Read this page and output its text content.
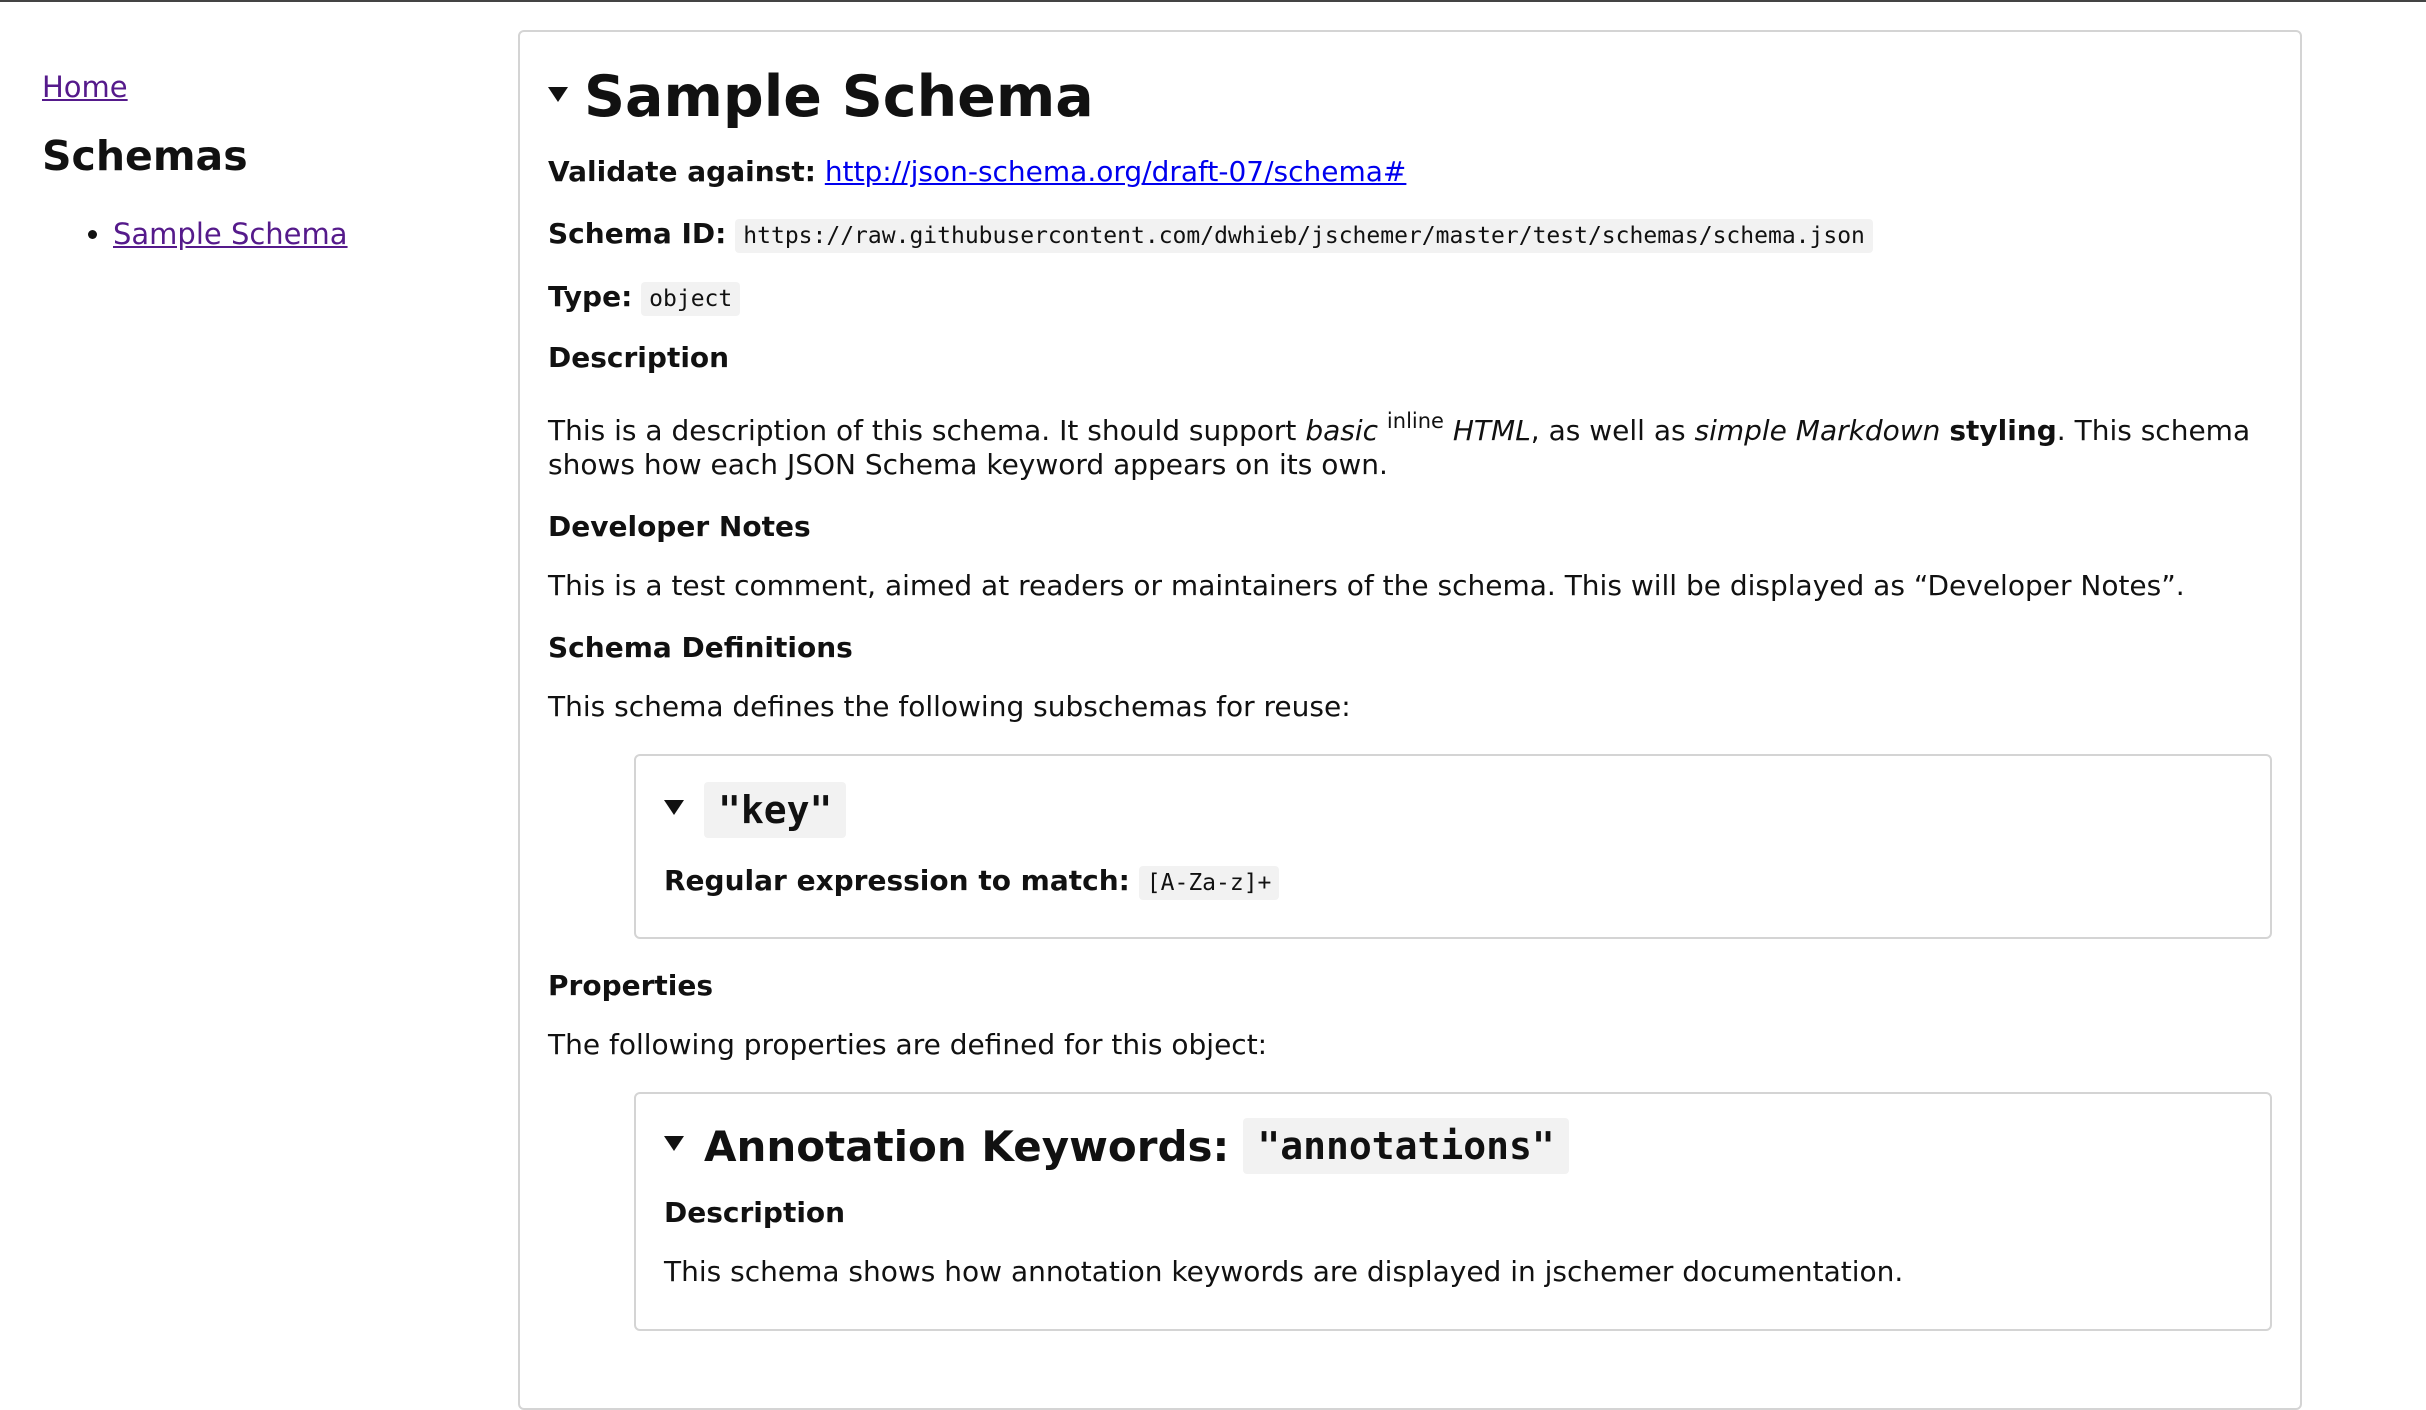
Home
Schemas
• Sample Schema
Sample Schema
Validate against: http://json-schema.org/draft-07/schema#
Schema ID: https://raw.githubusercontent.com/dwhieb/jschemer/master/test/schemas/schema.json
Type: object
Description
This is a description of this schema. It should support basic $^{inline}$ HTML, as well as simple Markdown styling. This schema shows how each JSON Schema keyword appears on its own.
Developer Notes
This is a test comment, aimed at readers or maintainers of the schema. This will be displayed as “Developer Notes”.
Schema Definitions
This schema defines the following subschemas for reuse:
"key"
Regular expression to match: [A-Za-z]+
Properties
The following properties are defined for this object:
Annotation Keywords: "annotations"
Description
This schema shows how annotation keywords are displayed in jschemer documentation.
